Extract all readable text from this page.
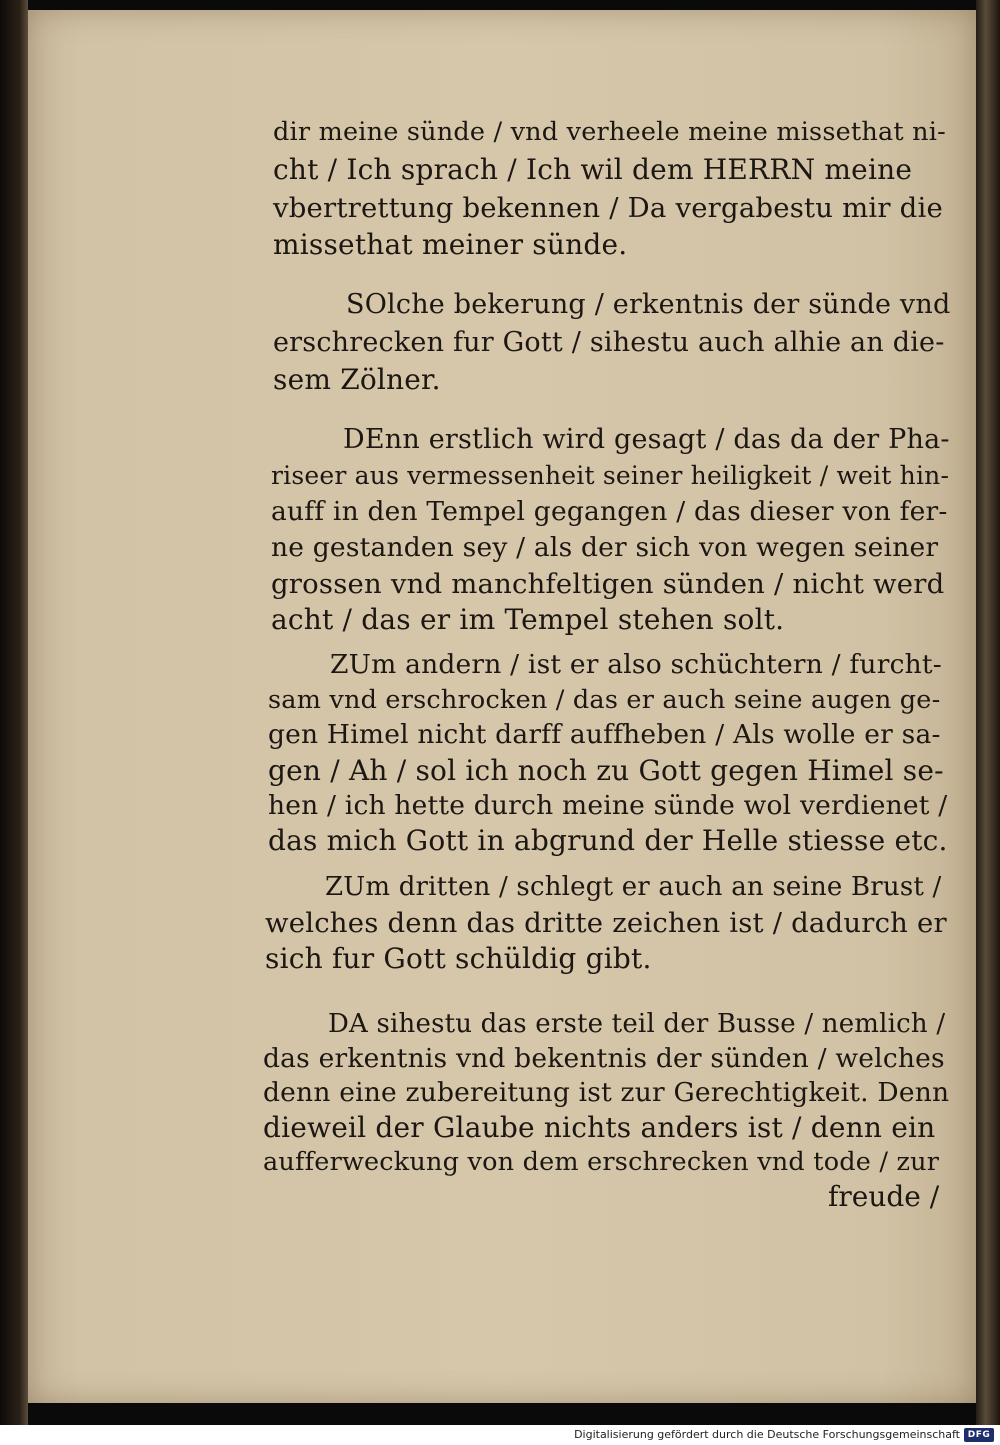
dir meine sünde / vnd verheele meine missethat ni-
cht / Ich sprach / Ich wil dem HERRN meine
vbertrettung bekennen / Da vergabestu mir die
missethat meiner sünde.
SOlche bekerung / erkentnis der sünde vnd
erschrecken fur Gott / sihestu auch alhie an die-
sem Zölner.
DEnn erstlich wird gesagt / das da der Pha-
riseer aus vermessenheit seiner heiligkeit / weit hin-
auff in den Tempel gegangen / das dieser von fer-
ne gestanden sey / als der sich von wegen seiner
grossen vnd manchfeltigen sünden / nicht werd
acht / das er im Tempel stehen solt.
ZUm andern / ist er also schüchtern / furcht-
sam vnd erschrocken / das er auch seine augen ge-
gen Himel nicht darff auffheben / Als wolle er sa-
gen / Ah / sol ich noch zu Gott gegen Himel se-
hen / ich hette durch meine sünde wol verdienet /
das mich Gott in abgrund der Helle stiesse etc.
ZUm dritten / schlegt er auch an seine Brust /
welches denn das dritte zeichen ist / dadurch er
sich fur Gott schüldig gibt.
DA sihestu das erste teil der Busse / nemlich /
das erkentnis vnd bekentnis der sünden / welches
denn eine zubereitung ist zur Gerechtigkeit. Denn
dieweil der Glaube nichts anders ist / denn ein
aufferweckung von dem erschrecken vnd tode / zur
freude /
Digitalisierung gefördert durch die Deutsche Forschungsgemeinschaft DFG
